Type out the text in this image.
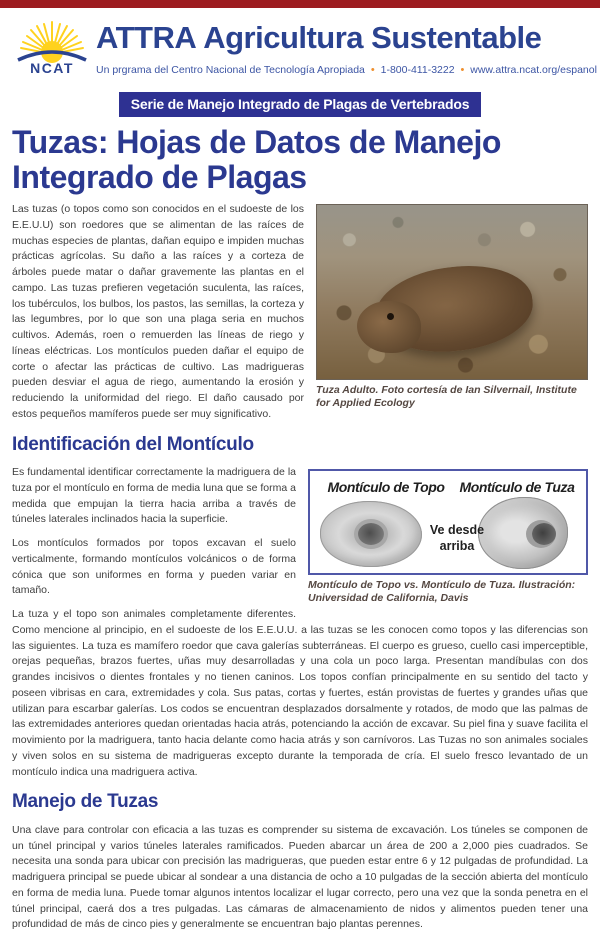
NCAT
ATTRA Agricultura Sustentable
Un prgrama del Centro Nacional de Tecnología Apropiada • 1-800-411-3222 • www.attra.ncat.org/espanol
Serie de Manejo Integrado de Plagas de Vertebrados
Tuzas: Hojas de Datos de Manejo Integrado de Plagas
Tuza Adulto. Foto cortesía de Ian Silvernail, Institute for Applied Ecology

Las tuzas (o topos como son conocidos en el sudoeste de los E.E.U.U) son roedores que se alimentan de las raíces de muchas especies de plantas, dañan equipo e impiden muchas prácticas agrícolas. Su daño a las raíces y a corteza de árboles puede matar o dañar gravemente las plantas en el campo. Las tuzas prefieren vegetación suculenta, las raíces, los tubérculos, los bulbos, los pastos, las semillas, la corteza y las legumbres, por lo que son una plaga seria en muchos cultivos. Además, roen o remuerden las líneas de riego y líneas eléctricas. Los montículos pueden dañar el equipo de corte o afectar las prácticas de cultivo. Las madrigueras pueden desviar el agua de riego, aumentando la erosión y reduciendo la uniformidad del riego. El daño causado por estos pequeños mamíferos puede ser muy significativo.

Identificación del Montículo
Montículo de Topo	Montículo de Tuza
Ve desde arriba
Montículo de Topo vs. Montículo de Tuza. Ilustración: Universidad de California, Davis

Es fundamental identificar correctamente la madriguera de la tuza por el montículo en forma de media luna que se forma a medida que empujan la tierra hacia arriba a través de túneles laterales inclinados hacia la superficie.

Los montículos formados por topos excavan el suelo verticalmente, formando montículos volcánicos o de forma cónica que son uniformes en forma y pueden variar en tamaño.

La tuza y el topo son animales completamente diferentes. Como mencione al principio, en el sudoeste de los E.E.U.U. a las tuzas se les conocen como topos y las diferencias son las siguientes. La tuza es mamífero roedor que cava galerías subterráneas. El cuerpo es grueso, cuello casi imperceptible, orejas pequeñas, brazos fuertes, uñas muy desarrolladas y una cola un poco larga. Presentan mandíbulas con dos grandes incisivos o dientes frontales y no tienen caninos. Los topos confían principalmente en su sentido del tacto y poseen vibrisas en cara, extremidades y cola. Sus patas, cortas y fuertes, están provistas de fuertes y grandes uñas que utilizan para escarbar galerías. Los codos se encuentran desplazados dorsalmente y rotados, de modo que las palmas de las extremidades anteriores quedan orientadas hacia atrás, potenciando la acción de excavar. Su piel fina y suave facilita el movimiento por la madriguera, tanto hacia delante como hacia atrás y son carnívoros. Las Tuzas no son animales sociales y viven solos en su sistema de madrigueras excepto durante la temporada de cría. El suelo fresco levantado de un montículo indica una madriguera activa.

Manejo de Tuzas

Una clave para controlar con eficacia a las tuzas es comprender su sistema de excavación. Los túneles se componen de un túnel principal y varios túneles laterales ramificados. Pueden abarcar un área de 200 a 2,000 pies cuadrados. Se necesita una sonda para ubicar con precisión las madrigueras, que pueden estar entre 6 y 12 pulgadas de profundidad. La madriguera principal se puede ubicar al sondear a una distancia de ocho a 10 pulgadas de la sección abierta del montículo en forma de media luna. Puede tomar algunos intentos localizar el lugar correcto, pero una vez que la sonda penetra en el túnel principal, caerá dos a tres pulgadas. Las cámaras de almacenamiento de nidos y alimentos pueden tener una profundidad de más de cinco pies y generalmente se encuentran bajo plantas perennes.
